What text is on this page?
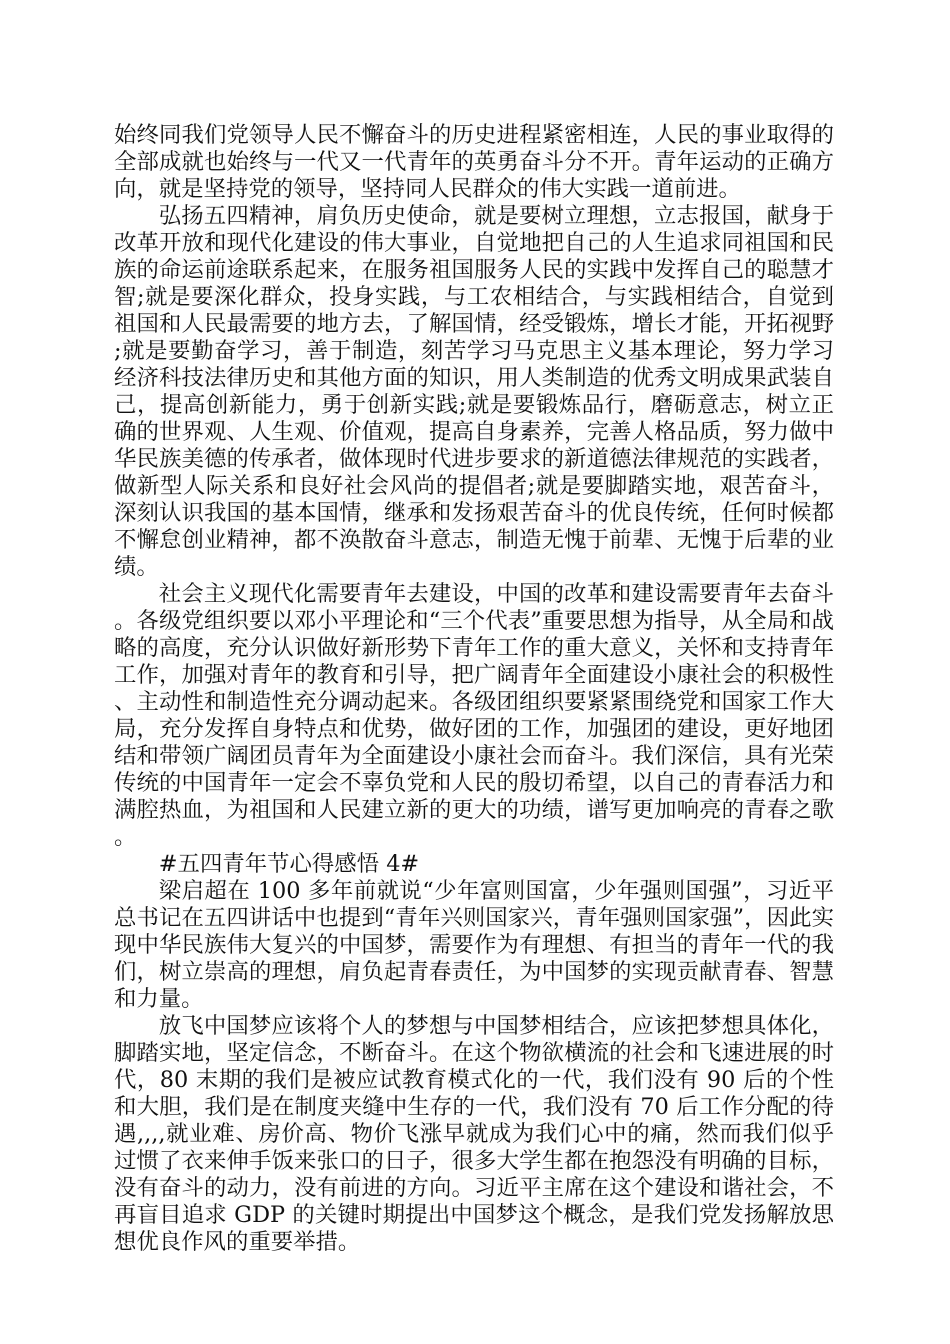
始终同我们党领导人民不懈奋斗的历史进程紧密相连，人民的事业取得的全部成就也始终与一代又一代青年的英勇奋斗分不开。青年运动的正确方向，就是坚持党的领导，坚持同人民群众的伟大实践一道前进。

弘扬五四精神，肩负历史使命，就是要树立理想，立志报国，献身于改革开放和现代化建设的伟大事业，自觉地把自己的人生追求同祖国和民族的命运前途联系起来，在服务祖国服务人民的实践中发挥自己的聪慧才智;就是要深化群众，投身实践，与工农相结合，与实践相结合，自觉到祖国和人民最需要的地方去，了解国情，经受锻炼，增长才能，开拓视野;就是要勤奋学习，善于制造，刻苦学习马克思主义基本理论，努力学习经济科技法律历史和其他方面的知识，用人类制造的优秀文明成果武装自己，提高创新能力，勇于创新实践;就是要锻炼品行，磨砺意志，树立正确的世界观、人生观、价值观，提高自身素养，完善人格品质，努力做中华民族美德的传承者，做体现时代进步要求的新道德法律规范的实践者，做新型人际关系和良好社会风尚的提倡者;就是要脚踏实地，艰苦奋斗，深刻认识我国的基本国情，继承和发扬艰苦奋斗的优良传统，任何时候都不懈怠创业精神，都不涣散奋斗意志，制造无愧于前辈、无愧于后辈的业绩。

社会主义现代化需要青年去建设，中国的改革和建设需要青年去奋斗。各级党组织要以邓小平理论和“三个代表”重要思想为指导，从全局和战略的高度，充分认识做好新形势下青年工作的重大意义，关怀和支持青年工作，加强对青年的教育和引导，把广阔青年全面建设小康社会的积极性、主动性和制造性充分调动起来。各级团组织要紧紧围绕党和国家工作大局，充分发挥自身特点和优势，做好团的工作，加强团的建设，更好地团结和带领广阔团员青年为全面建设小康社会而奋斗。我们深信，具有光荣传统的中国青年一定会不辜负党和人民的殷切希望，以自己的青春活力和满腔热血，为祖国和人民建立新的更大的功绩，谱写更加响亮的青春之歌。

#五四青年节心得感悟 4#

梁启超在 100 多年前就说“少年富则国富，少年强则国强”，习近平总书记在五四讲话中也提到“青年兴则国家兴，青年强则国家强”，因此实现中华民族伟大复兴的中国梦，需要作为有理想、有担当的青年一代的我们，树立崇高的理想，肩负起青春责任，为中国梦的实现贡献青春、智慧和力量。

放飞中国梦应该将个人的梦想与中国梦相结合，应该把梦想具体化，脚踏实地，坚定信念，不断奋斗。在这个物欲横流的社会和飞速进展的时代，80 末期的我们是被应试教育模式化的一代，我们没有 90 后的个性和大胆，我们是在制度夹缝中生存的一代，我们没有 70 后工作分配的待遇,,,,就业难、房价高、物价飞涨早就成为我们心中的痛，然而我们似乎过惯了衣来伸手饭来张口的日子，很多大学生都在抱怨没有明确的目标，没有奋斗的动力，没有前进的方向。习近平主席在这个建设和谐社会，不再盲目追求 GDP 的关键时期提出中国梦这个概念，是我们党发扬解放思想优良作风的重要举措。
